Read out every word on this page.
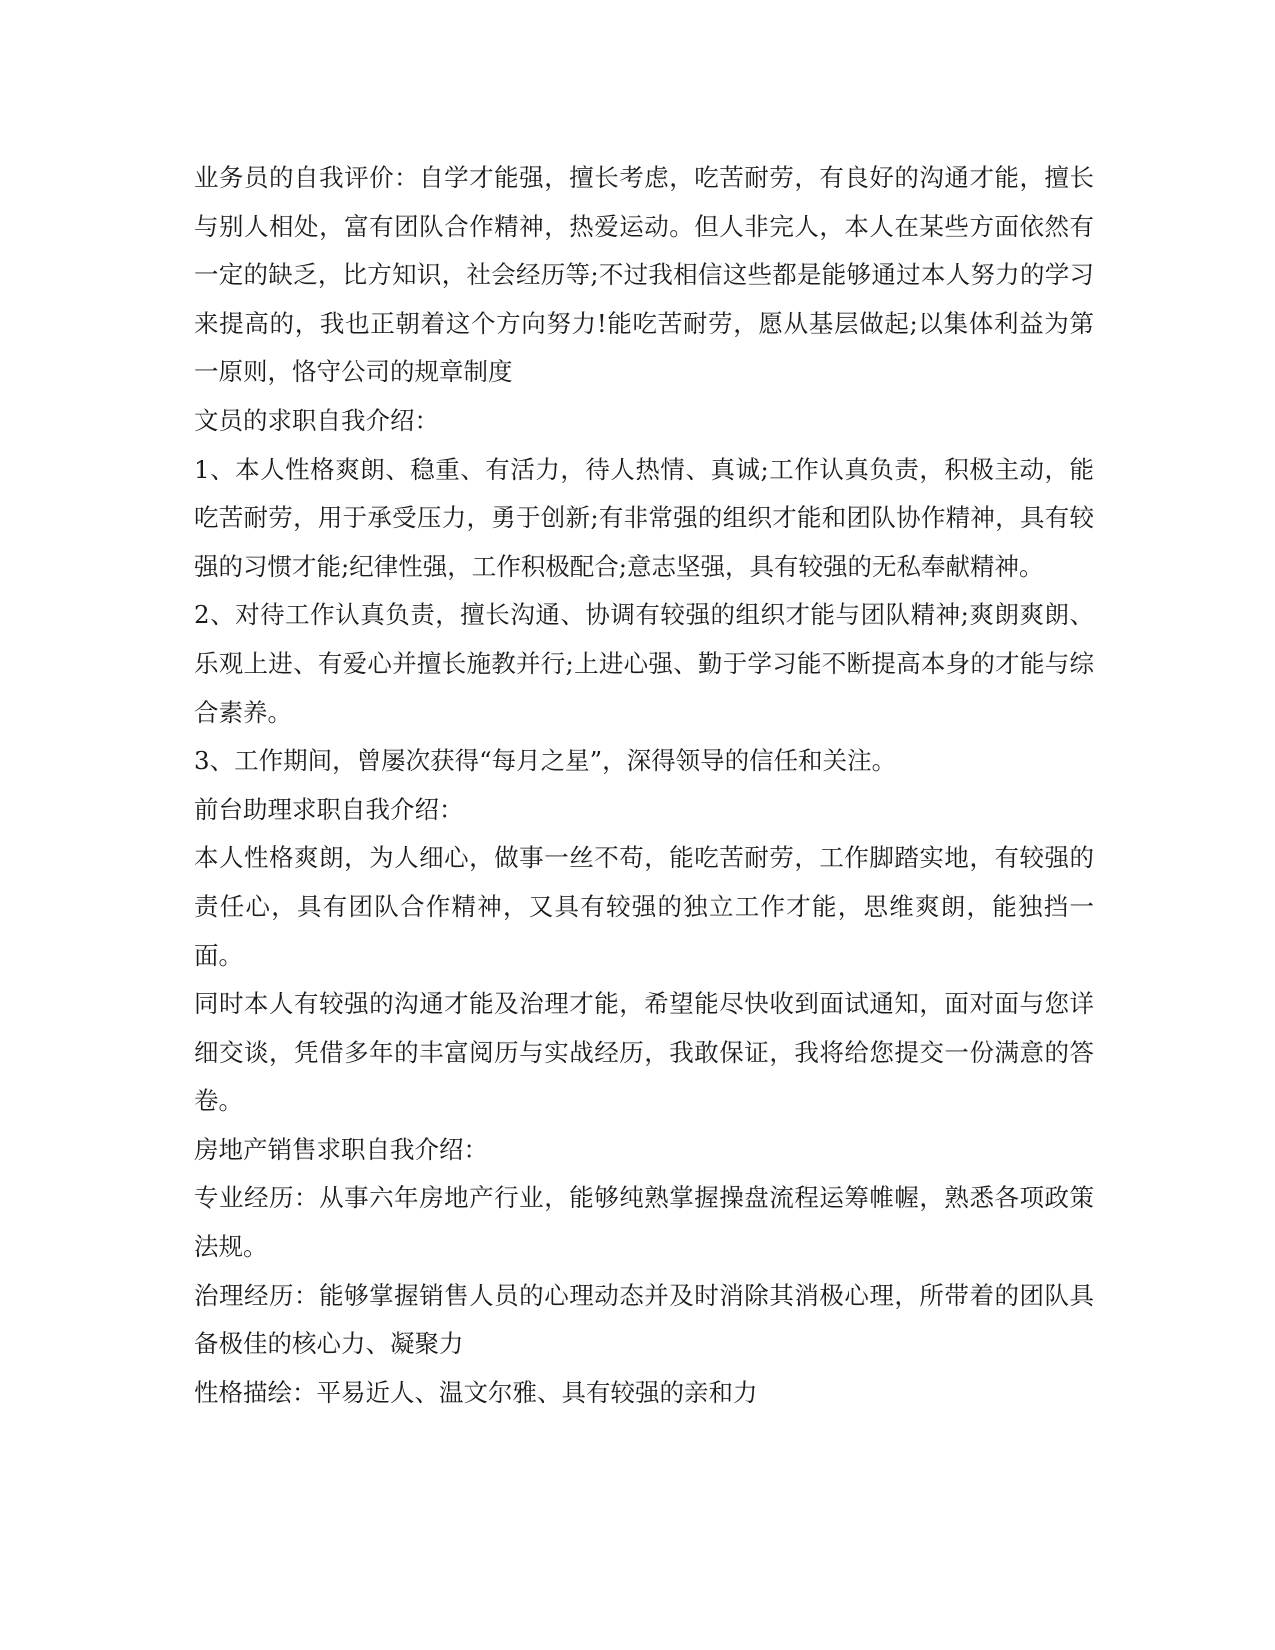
业务员的自我评价：自学才能强，擅长考虑，吃苦耐劳，有良好的沟通才能，擅长与别人相处，富有团队合作精神，热爱运动。但人非完人，本人在某些方面依然有一定的缺乏，比方知识，社会经历等;不过我相信这些都是能够通过本人努力的学习来提高的，我也正朝着这个方向努力!能吃苦耐劳，愿从基层做起;以集体利益为第一原则，恪守公司的规章制度

文员的求职自我介绍：

1、本人性格爽朗、稳重、有活力，待人热情、真诚;工作认真负责，积极主动，能吃苦耐劳，用于承受压力，勇于创新;有非常强的组织才能和团队协作精神，具有较强的习惯才能;纪律性强，工作积极配合;意志坚强，具有较强的无私奉献精神。

2、对待工作认真负责，擅长沟通、协调有较强的组织才能与团队精神;爽朗爽朗、乐观上进、有爱心并擅长施教并行;上进心强、勤于学习能不断提高本身的才能与综合素养。

3、工作期间，曾屡次获得“每月之星”，深得领导的信任和关注。

前台助理求职自我介绍：

本人性格爽朗，为人细心，做事一丝不苟，能吃苦耐劳，工作脚踏实地，有较强的责任心，具有团队合作精神，又具有较强的独立工作才能，思维爽朗，能独挡一面。

同时本人有较强的沟通才能及治理才能，希望能尽快收到面试通知，面对面与您详细交谈，凭借多年的丰富阅历与实战经历，我敢保证，我将给您提交一份满意的答卷。

房地产销售求职自我介绍：

专业经历：从事六年房地产行业，能够纯熟掌握操盘流程运筹帷幄，熟悉各项政策法规。

治理经历：能够掌握销售人员的心理动态并及时消除其消极心理，所带着的团队具备极佳的核心力、凝聚力

性格描绘：平易近人、温文尔雅、具有较强的亲和力
